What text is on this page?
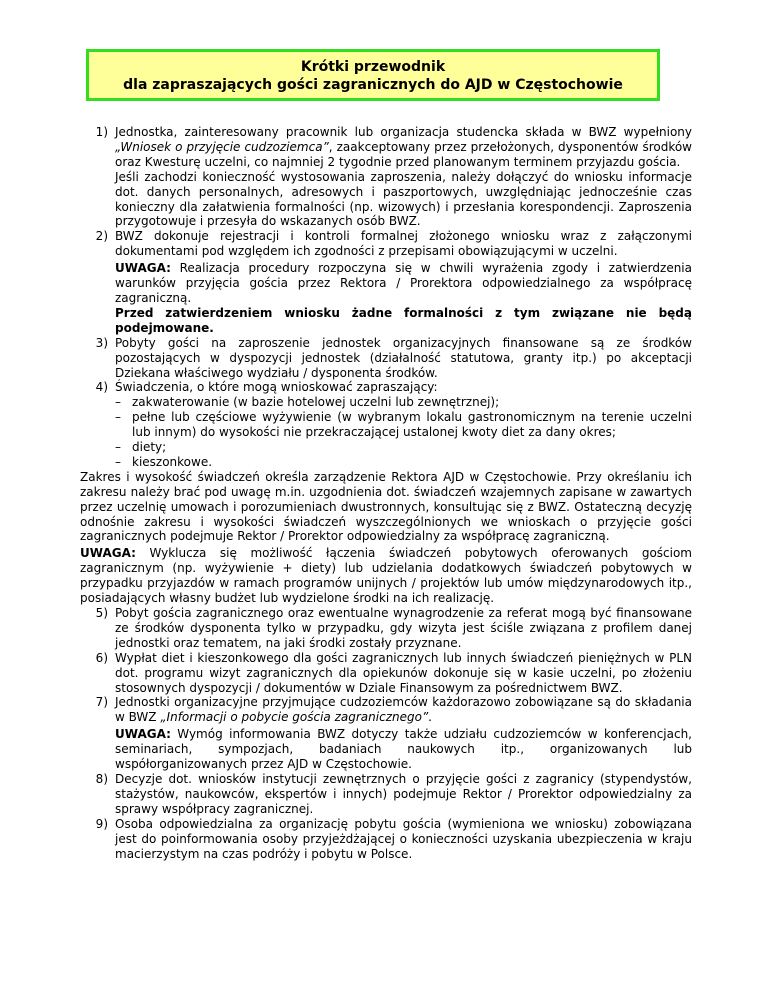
Krótki przewodnik
dla zapraszających gości zagranicznych do AJD w Częstochowie
1 ) Jednostka, zainteresowany pracownik lub organizacja studencka składa w BWZ wypełniony „Wniosek o przyjęcie cudzoziemca”, zaakceptowany przez przełożonych, dysponentów środków oraz Kwesturę uczelni, co najmniej 2 tygodnie przed planowanym terminem przyjazdu gościa.

Jeśli zachodzi konieczność wystosowania zaproszenia, należy dołączyć do wniosku informacje dot. danych personalnych, adresowych i paszportowych, uwzględniając jednocześnie czas konieczny dla załatwienia formalności (np. wizowych) i przesłania korespondencji. Zaproszenia przygotowuje i przesyła do wskazanych osób BWZ.

2 ) BWZ dokonuje rejestracji i kontroli formalnej złożonego wniosku wraz z załączonymi dokumentami pod względem ich zgodności z przepisami obowiązującymi w uczelni.

UWAGA: Realizacja procedury rozpoczyna się w chwili wyrażenia zgody i zatwierdzenia warunków przyjęcia gościa przez Rektora / Prorektora odpowiedzialnego za współpracę zagraniczną.

Przed zatwierdzeniem wniosku żadne formalności z tym związane nie będą podejmowane.

3 ) Pobyty gości na zaproszenie jednostek organizacyjnych finansowane są ze środków pozostających w dyspozycji jednostek (działalność statutowa, granty itp.) po akceptacji Dziekana właściwego wydziału / dysponenta środków.

4 ) Świadczenia, o które mogą wnioskować zapraszający:

– zakwaterowanie (w bazie hotelowej uczelni lub zewnętrznej);
– pełne lub częściowe wyżywienie (w wybranym lokalu gastronomicznym na terenie uczelni lub innym) do wysokości nie przekraczającej ustalonej kwoty diet za dany okres;
– diety;
– kieszonkowe.

Zakres i wysokość świadczeń określa zarządzenie Rektora AJD w Częstochowie. Przy określaniu ich zakresu należy brać pod uwagę m.in. uzgodnienia dot. świadczeń wzajemnych zapisane w zawartych przez uczelnię umowach i porozumieniach dwustronnych, konsultując się z BWZ. Ostateczną decyzję odnośnie zakresu i wysokości świadczeń wyszczególnionych we wnioskach o przyjęcie gości zagranicznych podejmuje Rektor / Prorektor odpowiedzialny za współpracę zagraniczną.

UWAGA: Wyklucza się możliwość łączenia świadczeń pobytowych oferowanych gościom zagranicznym (np. wyżywienie + diety) lub udzielania dodatkowych świadczeń pobytowych w przypadku przyjazdów w ramach programów unijnych / projektów lub umów międzynarodowych itp., posiadających własny budżet lub wydzielone środki na ich realizację.

5 ) Pobyt gościa zagranicznego oraz ewentualne wynagrodzenie za referat mogą być finansowane ze środków dysponenta tylko w przypadku, gdy wizyta jest ściśle związana z profilem danej jednostki oraz tematem, na jaki środki zostały przyznane.

6 ) Wypłat diet i kieszonkowego dla gości zagranicznych lub innych świadczeń pieniężnych w PLN dot. programu wizyt zagranicznych dla opiekunów dokonuje się w kasie uczelni, po złożeniu stosownych dyspozycji / dokumentów w Dziale Finansowym za pośrednictwem BWZ.

7 ) Jednostki organizacyjne przyjmujące cudzoziemców każdorazowo zobowiązane są do składania w BWZ „Informacji o pobycie gościa zagranicznego”.

UWAGA: Wymóg informowania BWZ dotyczy także udziału cudzoziemców w konferencjach, seminariach, sympozjach, badaniach naukowych itp., organizowanych lub współorganizowanych przez AJD w Częstochowie.

8 ) Decyzje dot. wniosków instytucji zewnętrznych o przyjęcie gości z zagranicy (stypendystów, stażystów, naukowców, ekspertów i innych) podejmuje Rektor / Prorektor odpowiedzialny za sprawy współpracy zagranicznej.

9 ) Osoba odpowiedzialna za organizację pobytu gościa (wymieniona we wniosku) zobowiązana jest do poinformowania osoby przyjeżdżającej o konieczności uzyskania ubezpieczenia w kraju macierzystym na czas podróży i pobytu w Polsce.
